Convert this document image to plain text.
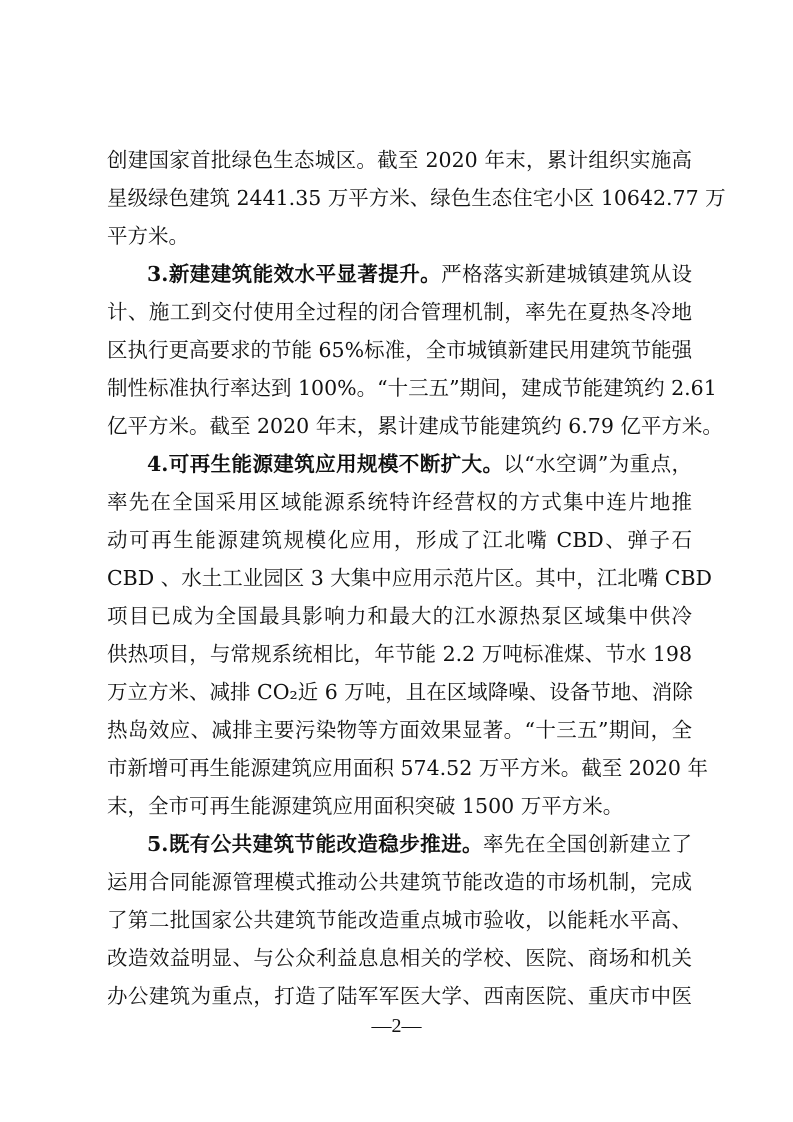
创建国家首批绿色生态城区。截至 2020 年末，累计组织实施高
星级绿色建筑 2441.35 万平方米、绿色生态住宅小区 10642.77 万
平方米。
3.新建建筑能效水平显著提升。严格落实新建城镇建筑从设
计、施工到交付使用全过程的闭合管理机制，率先在夏热冬冷地
区执行更高要求的节能 65%标准，全市城镇新建民用建筑节能强
制性标准执行率达到 100%。“十三五”期间，建成节能建筑约 2.61
亿平方米。截至 2020 年末，累计建成节能建筑约 6.79 亿平方米。
4.可再生能源建筑应用规模不断扩大。以“水空调”为重点，
率先在全国采用区域能源系统特许经营权的方式集中连片地推
动可再生能源建筑规模化应用，形成了江北嘴 CBD、弹子石
CBD 、水土工业园区 3 大集中应用示范片区。其中，江北嘴 CBD
项目已成为全国最具影响力和最大的江水源热泵区域集中供冷
供热项目，与常规系统相比，年节能 2.2 万吨标准煤、节水 198
万立方米、减排 CO₂近 6 万吨，且在区域降噪、设备节地、消除
热岛效应、减排主要污染物等方面效果显著。“十三五”期间，全
市新增可再生能源建筑应用面积 574.52 万平方米。截至 2020 年
末，全市可再生能源建筑应用面积突破 1500 万平方米。
5.既有公共建筑节能改造稳步推进。率先在全国创新建立了
运用合同能源管理模式推动公共建筑节能改造的市场机制，完成
了第二批国家公共建筑节能改造重点城市验收，以能耗水平高、
改造效益明显、与公众利益息息相关的学校、医院、商场和机关
办公建筑为重点，打造了陆军军医大学、西南医院、重庆市中医
—2—
